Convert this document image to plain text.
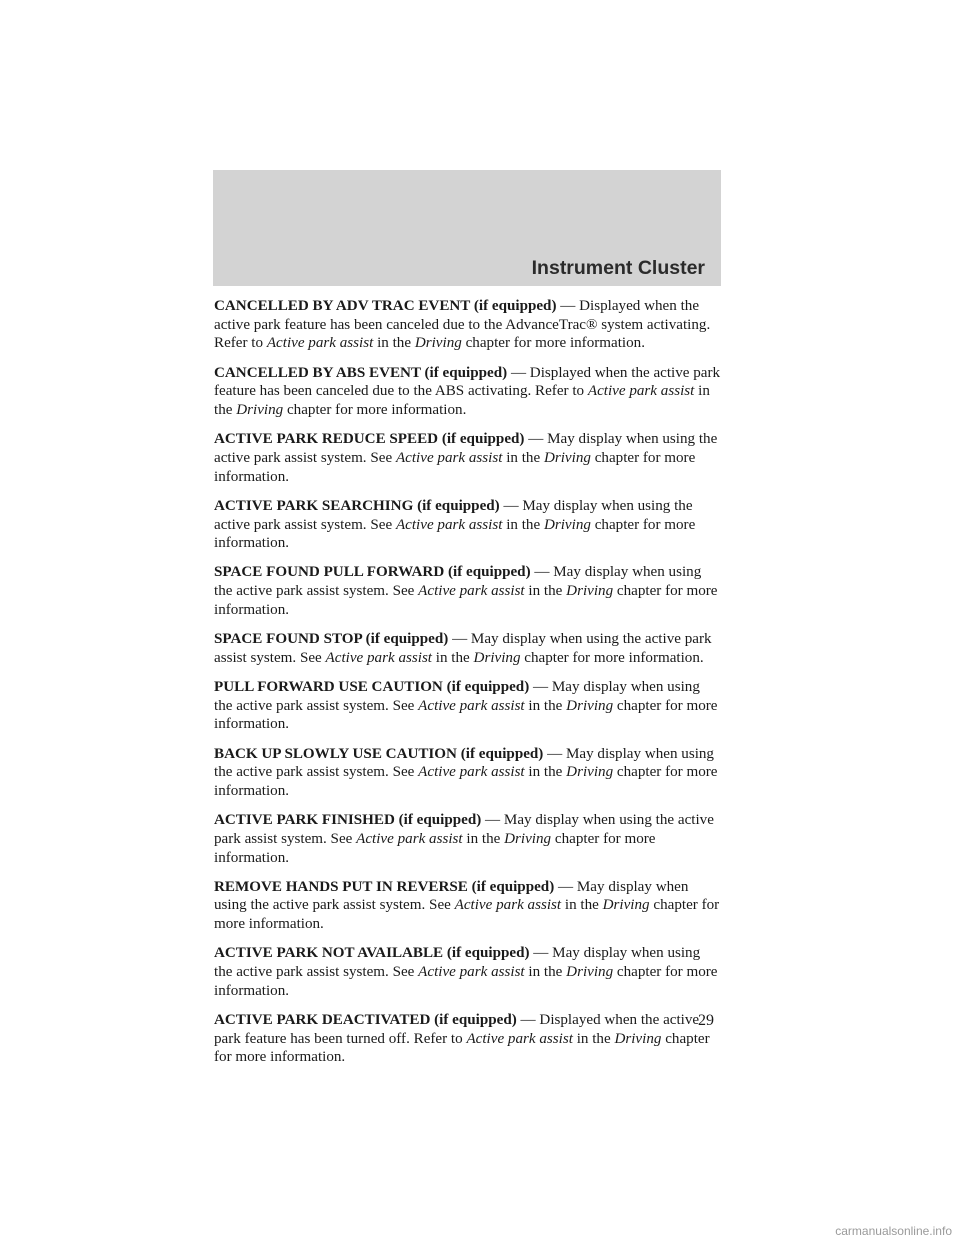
Instrument Cluster

CANCELLED BY ADV TRAC EVENT (if equipped) — Displayed when the active park feature has been canceled due to the AdvanceTrac® system activating. Refer to Active park assist in the Driving chapter for more information.

CANCELLED BY ABS EVENT (if equipped) — Displayed when the active park feature has been canceled due to the ABS activating. Refer to Active park assist in the Driving chapter for more information.

ACTIVE PARK REDUCE SPEED (if equipped) — May display when using the active park assist system. See Active park assist in the Driving chapter for more information.

ACTIVE PARK SEARCHING (if equipped) — May display when using the active park assist system. See Active park assist in the Driving chapter for more information.

SPACE FOUND PULL FORWARD (if equipped) — May display when using the active park assist system. See Active park assist in the Driving chapter for more information.

SPACE FOUND STOP (if equipped) — May display when using the active park assist system. See Active park assist in the Driving chapter for more information.

PULL FORWARD USE CAUTION (if equipped) — May display when using the active park assist system. See Active park assist in the Driving chapter for more information.

BACK UP SLOWLY USE CAUTION (if equipped) — May display when using the active park assist system. See Active park assist in the Driving chapter for more information.

ACTIVE PARK FINISHED (if equipped) — May display when using the active park assist system. See Active park assist in the Driving chapter for more information.

REMOVE HANDS PUT IN REVERSE (if equipped) — May display when using the active park assist system. See Active park assist in the Driving chapter for more information.

ACTIVE PARK NOT AVAILABLE (if equipped) — May display when using the active park assist system. See Active park assist in the Driving chapter for more information.

ACTIVE PARK DEACTIVATED (if equipped) — Displayed when the active park feature has been turned off. Refer to Active park assist in the Driving chapter for more information.

29
carmanualsonline.info
